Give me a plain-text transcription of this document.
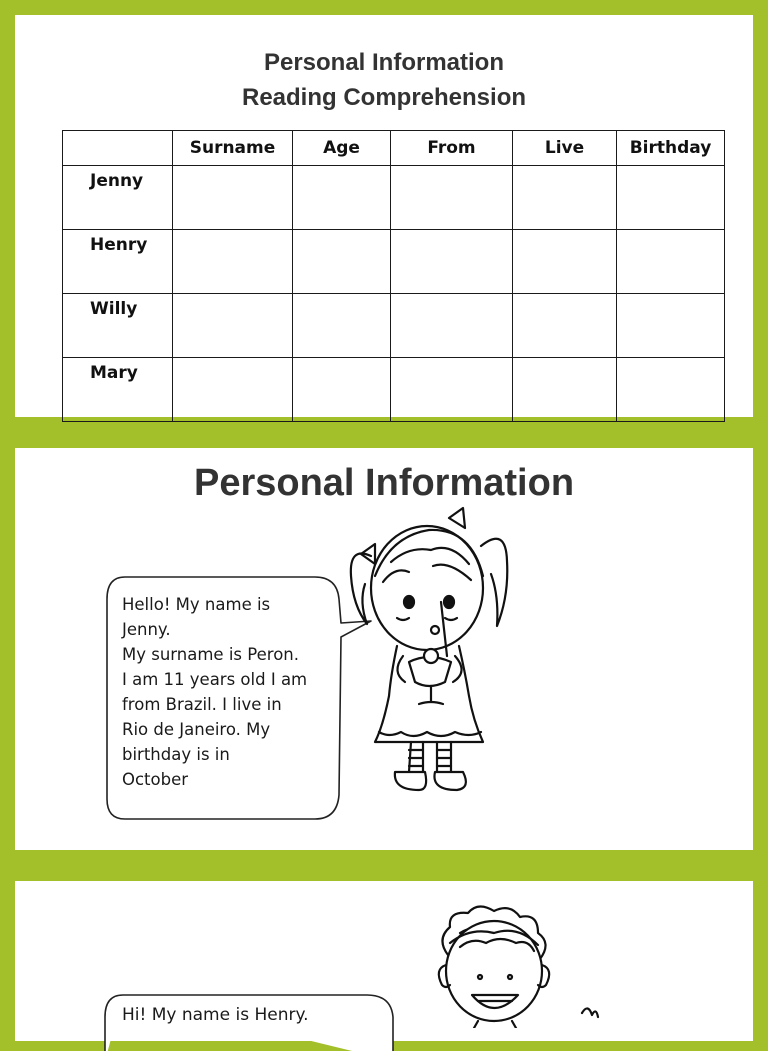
Personal Information
Reading Comprehension
	Surname	Age	From	Live	Birthday
Jenny					
Henry					
Willy					
Mary					
Personal Information
Hello! My name is
Jenny.
My surname is Peron.
I am 11 years old I am
from Brazil. I live in
Rio de Janeiro. My
birthday is in
October
Hi! My name is Henry.
